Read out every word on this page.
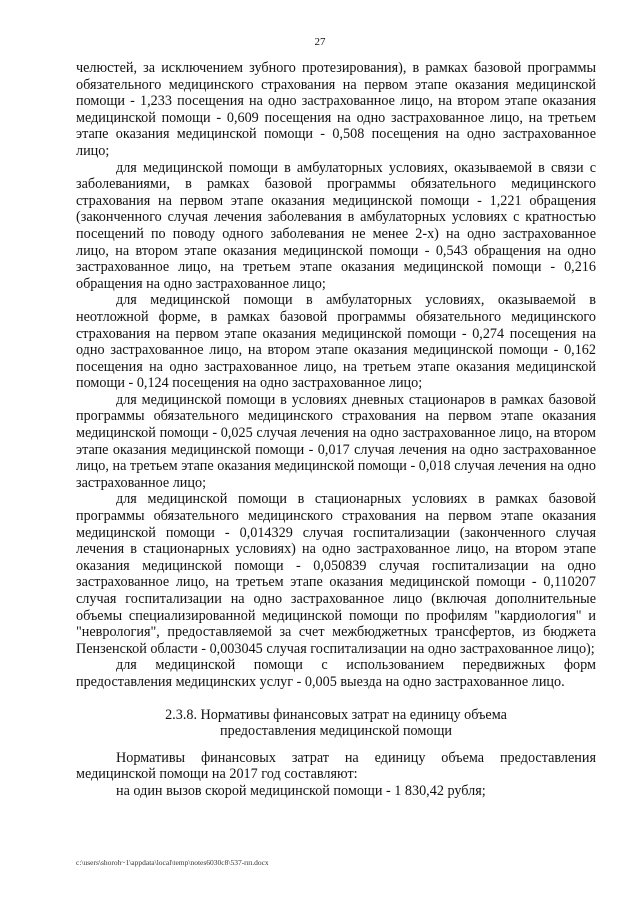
27

челюстей, за исключением зубного протезирования), в рамках базовой программы обязательного медицинского страхования на первом этапе оказания медицинской помощи - 1,233 посещения на одно застрахованное лицо, на втором этапе оказания медицинской помощи - 0,609 посещения на одно застрахованное лицо, на третьем этапе оказания медицинской помощи - 0,508 посещения на одно застрахованное лицо;

для медицинской помощи в амбулаторных условиях, оказываемой в связи с заболеваниями, в рамках базовой программы обязательного медицинского страхования на первом этапе оказания медицинской помощи - 1,221 обращения (законченного случая лечения заболевания в амбулаторных условиях с кратностью посещений по поводу одного заболевания не менее 2-х) на одно застрахованное лицо, на втором этапе оказания медицинской помощи - 0,543 обращения на одно застрахованное лицо, на третьем этапе оказания медицинской помощи - 0,216 обращения на одно застрахованное лицо;

для медицинской помощи в амбулаторных условиях, оказываемой в неотложной форме, в рамках базовой программы обязательного медицинского страхования на первом этапе оказания медицинской помощи - 0,274 посещения на одно застрахованное лицо, на втором этапе оказания медицинской помощи - 0,162 посещения на одно застрахованное лицо, на третьем этапе оказания медицинской помощи - 0,124 посещения на одно застрахованное лицо;

для медицинской помощи в условиях дневных стационаров в рамках базовой программы обязательного медицинского страхования на первом этапе оказания медицинской помощи - 0,025 случая лечения на одно застрахованное лицо, на втором этапе оказания медицинской помощи - 0,017 случая лечения на одно застрахованное лицо, на третьем этапе оказания медицинской помощи - 0,018 случая лечения на одно застрахованное лицо;

для медицинской помощи в стационарных условиях в рамках базовой программы обязательного медицинского страхования на первом этапе оказания медицинской помощи - 0,014329 случая госпитализации (законченного случая лечения в стационарных условиях) на одно застрахованное лицо, на втором этапе оказания медицинской помощи - 0,050839 случая госпитализации на одно застрахованное лицо, на третьем этапе оказания медицинской помощи - 0,110207 случая госпитализации на одно застрахованное лицо (включая дополнительные объемы специализированной медицинской помощи по профилям "кардиология" и "неврология", предоставляемой за счет межбюджетных трансфертов, из бюджета Пензенской области - 0,003045 случая госпитализации на одно застрахованное лицо);

для медицинской помощи с использованием передвижных форм предоставления медицинских услуг - 0,005 выезда на одно застрахованное лицо.

2.3.8. Нормативы финансовых затрат на единицу объема
предоставления медицинской помощи

Нормативы финансовых затрат на единицу объема предоставления медицинской помощи на 2017 год составляют:

на один вызов скорой медицинской помощи - 1 830,42 рубля;

c:\users\shoroh~1\appdata\local\temp\notes6030c8\537-пп.docx
